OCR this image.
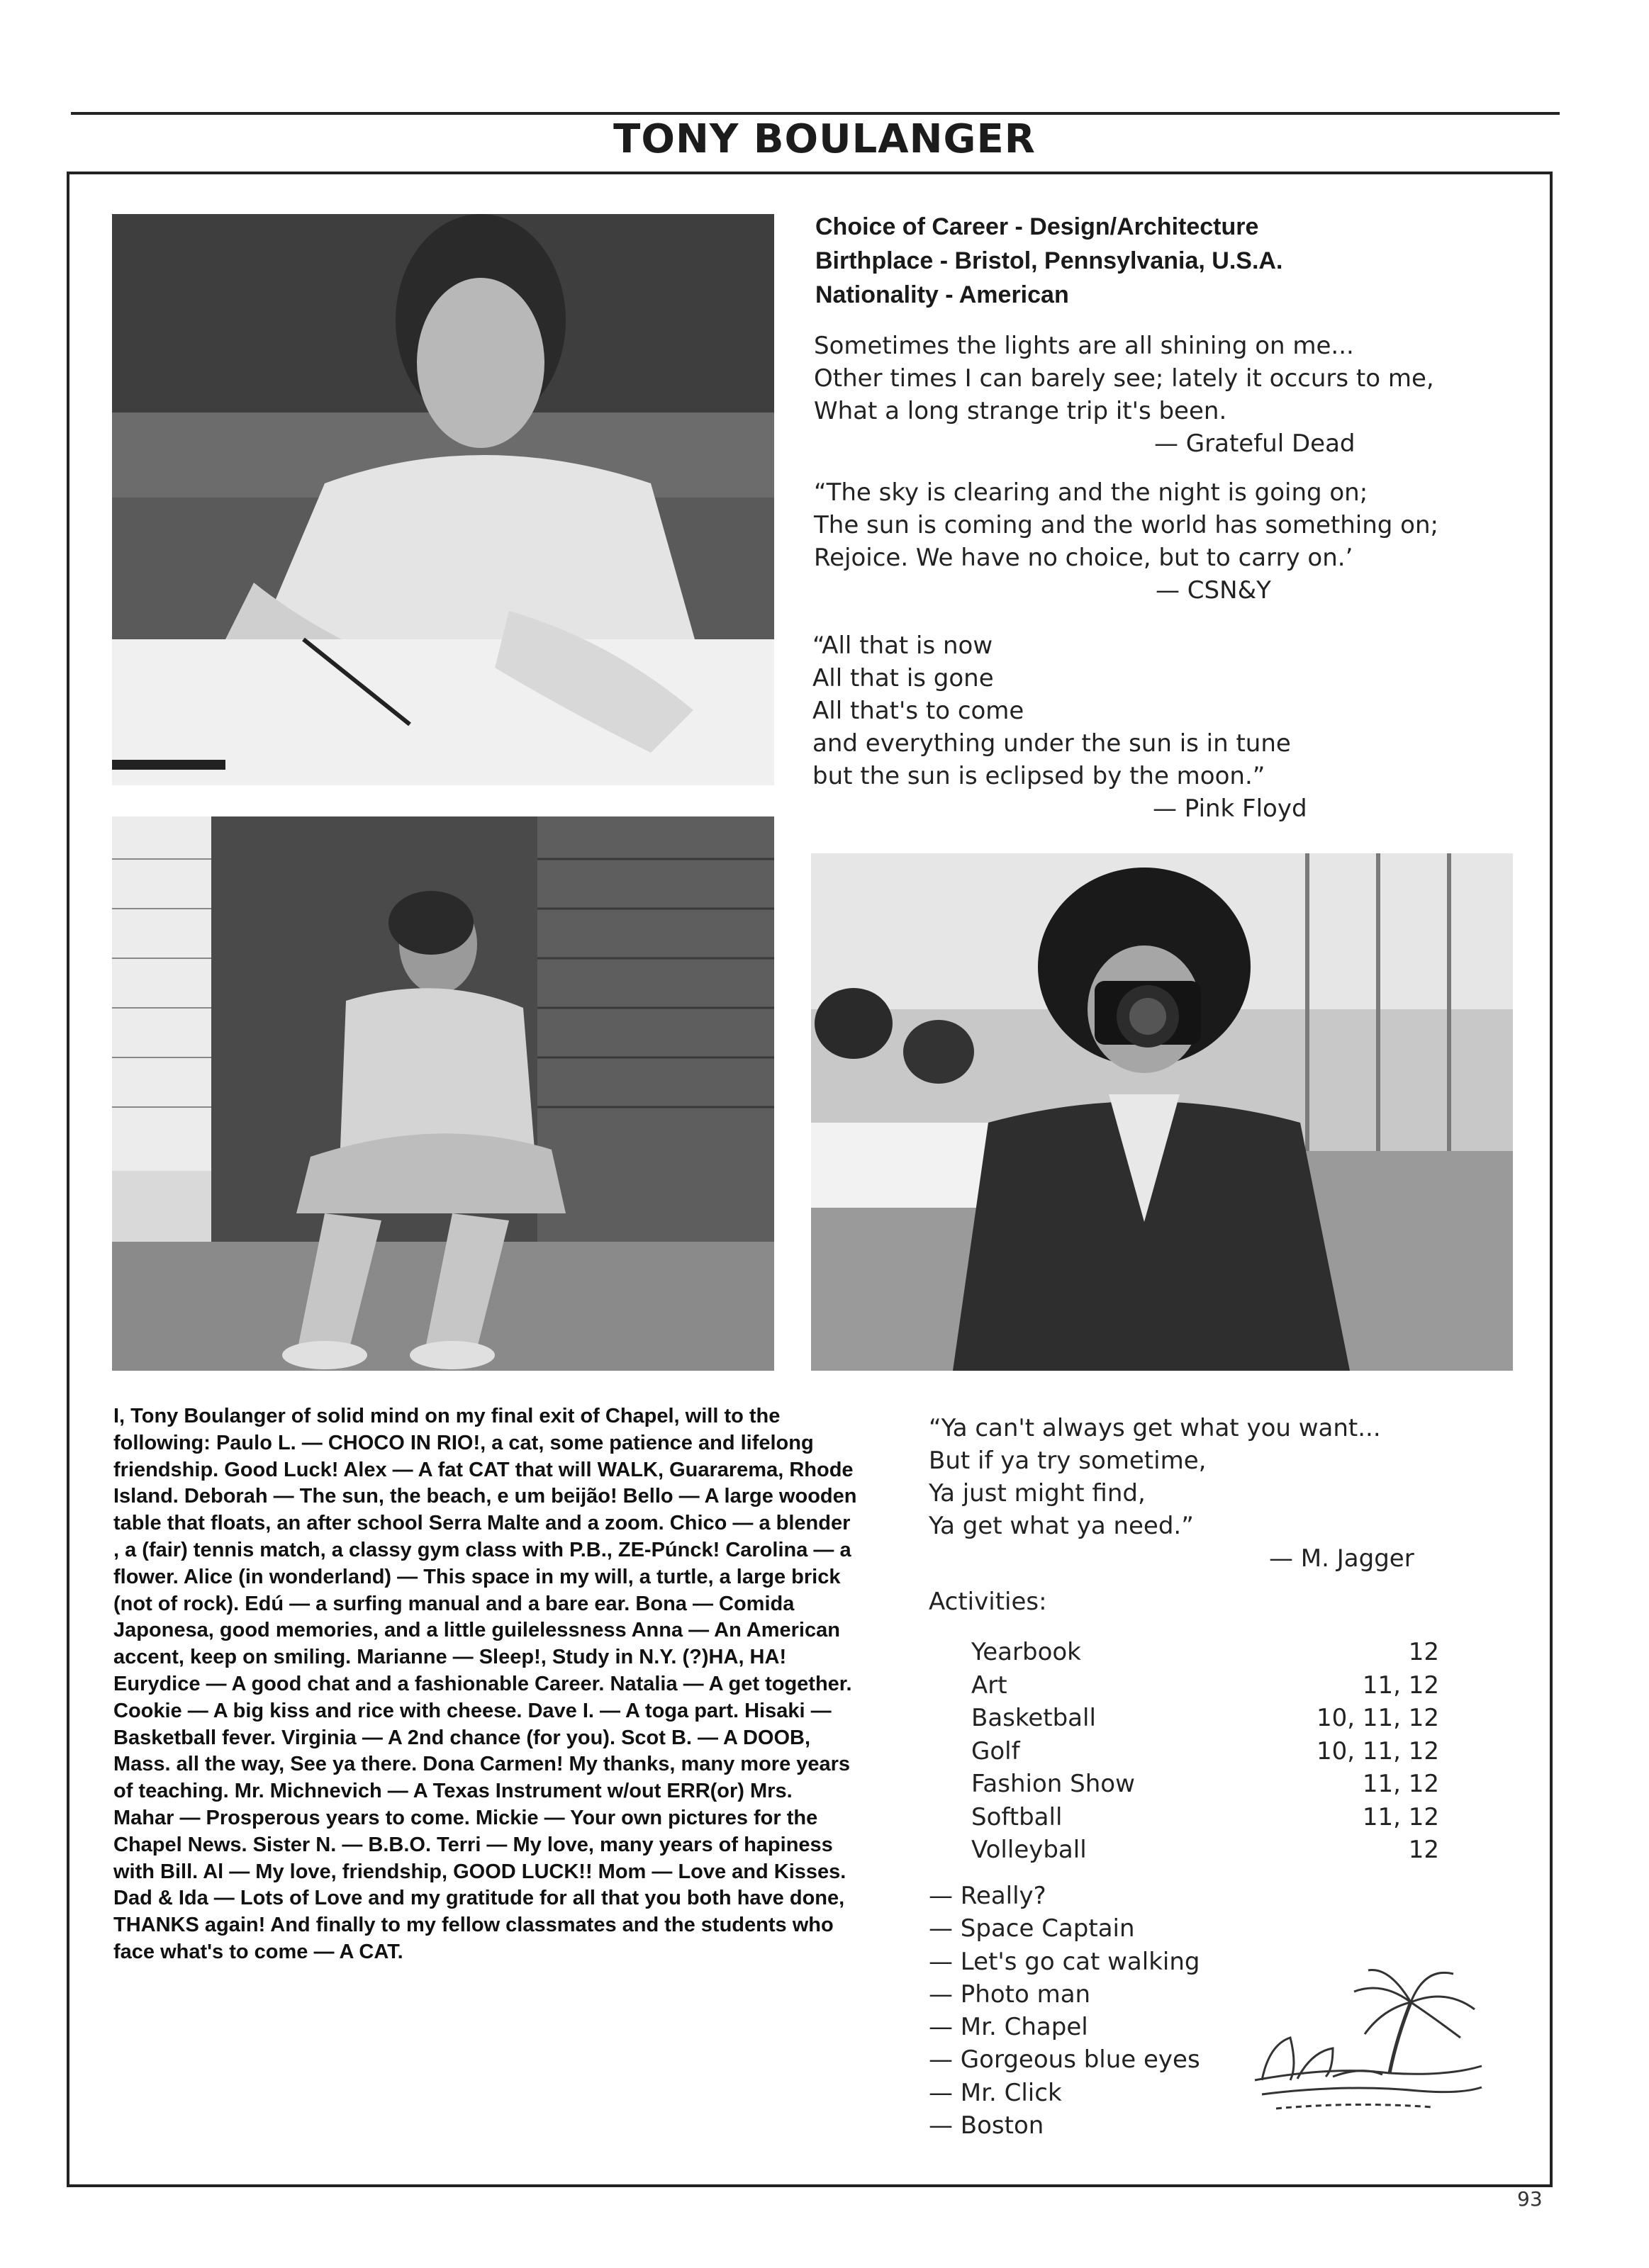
TONY BOULANGER
Choice of Career - Design/Architecture
Birthplace - Bristol, Pennsylvania, U.S.A.
Nationality - American
Sometimes the lights are all shining on me...
Other times I can barely see; lately it occurs to me,
What a long strange trip it's been.
— Grateful Dead
“The sky is clearing and the night is going on;
The sun is coming and the world has something on;
Rejoice. We have no choice, but to carry on.’
— CSN&Y
“All that is now
All that is gone
All that's to come
and everything under the sun is in tune
but the sun is eclipsed by the moon.”
— Pink Floyd
I, Tony Boulanger of solid mind on my final exit of Chapel, will to the following: Paulo L. — CHOCO IN RIO!, a cat, some patience and lifelong friendship. Good Luck! Alex — A fat CAT that will WALK, Guararema, Rhode Island. Deborah — The sun, the beach, e um beijão! Bello — A large wooden table that floats, an after school Serra Malte and a zoom. Chico — a blender , a (fair) tennis match, a classy gym class with P.B., ZE-Púnck! Carolina — a flower. Alice (in wonderland) — This space in my will, a turtle, a large brick (not of rock). Edú — a surfing manual and a bare ear. Bona — Comida Japonesa, good memories, and a little guilelessness Anna — An American accent, keep on smiling. Marianne — Sleep!, Study in N.Y. (?)HA, HA! Eurydice — A good chat and a fashionable Career. Natalia — A get together. Cookie — A big kiss and rice with cheese. Dave I. — A toga part. Hisaki — Basketball fever. Virginia — A 2nd chance (for you). Scot B. — A DOOB, Mass. all the way, See ya there. Dona Carmen! My thanks, many more years of teaching. Mr. Michnevich — A Texas Instrument w/out ERR(or) Mrs. Mahar — Prosperous years to come. Mickie — Your own pictures for the Chapel News. Sister N. — B.B.O. Terri — My love, many years of hapiness with Bill. Al — My love, friendship, GOOD LUCK!! Mom — Love and Kisses. Dad & Ida — Lots of Love and my gratitude for all that you both have done, THANKS again! And finally to my fellow classmates and the students who face what's to come — A CAT.
“Ya can't always get what you want...
But if ya try sometime,
Ya just might find,
Ya get what ya need.”
— M. Jagger
Activities:
Yearbook	12
Art	11, 12
Basketball	10, 11, 12
Golf	10, 11, 12
Fashion Show	11, 12
Softball	11, 12
Volleyball	12
— Really?
— Space Captain
— Let's go cat walking
— Photo man
— Mr. Chapel
— Gorgeous blue eyes
— Mr. Click
— Boston
93
